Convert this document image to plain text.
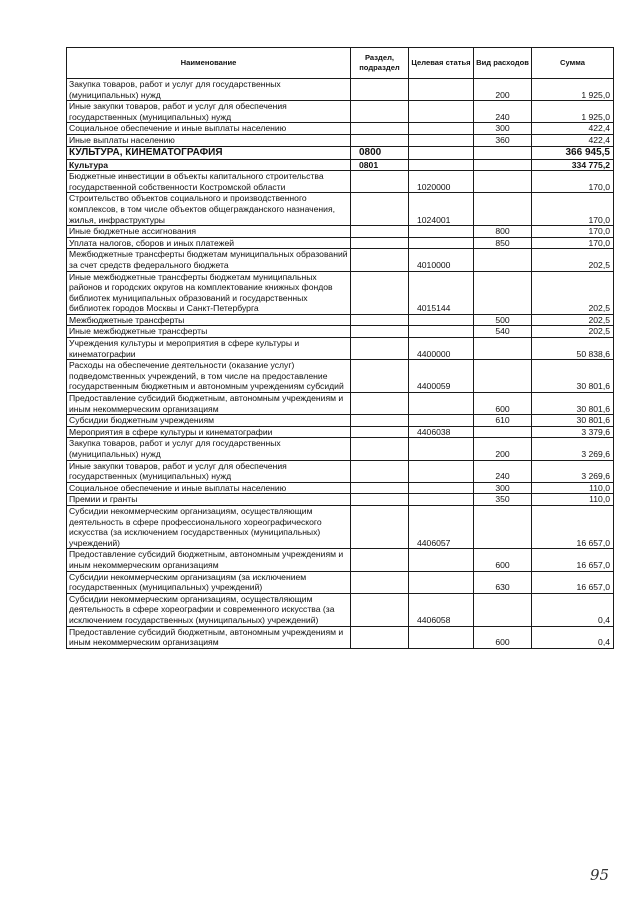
Наименование	Раздел, подраздел	Целевая статья	Вид расходов	Сумма
Закупка товаров, работ и услуг для государственных (муниципальных) нужд			200	1 925,0
Иные закупки товаров, работ и услуг для обеспечения государственных (муниципальных) нужд			240	1 925,0
Социальное обеспечение и иные выплаты населению			300	422,4
Иные выплаты населению			360	422,4
КУЛЬТУРА, КИНЕМАТОГРАФИЯ	0800			366 945,5
Культура	0801			334 775,2
Бюджетные инвестиции в объекты капитального строительства государственной собственности Костромской области		1020000		170,0
Строительство объектов социального и производственного комплексов, в том числе объектов общегражданского назначения, жилья, инфраструктуры		1024001		170,0
Иные бюджетные ассигнования			800	170,0
Уплата налогов, сборов и иных платежей			850	170,0
Межбюджетные трансферты бюджетам муниципальных образований за счет средств федерального бюджета		4010000		202,5
Иные межбюджетные трансферты бюджетам муниципальных районов и городских округов на комплектование книжных фондов библиотек муниципальных образований и государственных библиотек городов Москвы и Санкт-Петербурга		4015144		202,5
Межбюджетные трансферты			500	202,5
Иные межбюджетные трансферты			540	202,5
Учреждения культуры и мероприятия в сфере культуры и кинематографии		4400000		50 838,6
Расходы на обеспечение деятельности (оказание услуг) подведомственных учреждений, в том числе на предоставление государственным бюджетным и автономным учреждениям субсидий		4400059		30 801,6
Предоставление субсидий бюджетным, автономным учреждениям и иным некоммерческим организациям			600	30 801,6
Субсидии бюджетным учреждениям			610	30 801,6
Мероприятия в сфере культуры и кинематографии		4406038		3 379,6
Закупка товаров, работ и услуг для государственных (муниципальных) нужд			200	3 269,6
Иные закупки товаров, работ и услуг для обеспечения государственных (муниципальных) нужд			240	3 269,6
Социальное обеспечение и иные выплаты населению			300	110,0
Премии и гранты			350	110,0
Субсидии некоммерческим организациям, осуществляющим деятельность в сфере профессионального хореографического искусства (за исключением государственных (муниципальных) учреждений)		4406057		16 657,0
Предоставление субсидий бюджетным, автономным учреждениям и иным некоммерческим организациям			600	16 657,0
Субсидии некоммерческим организациям (за исключением государственных (муниципальных) учреждений)			630	16 657,0
Субсидии некоммерческим организациям, осуществляющим деятельность в сфере хореографии и современного искусства (за исключением государственных (муниципальных) учреждений)		4406058		0,4
Предоставление субсидий бюджетным, автономным учреждениям и иным некоммерческим организациям			600	0,4
95
